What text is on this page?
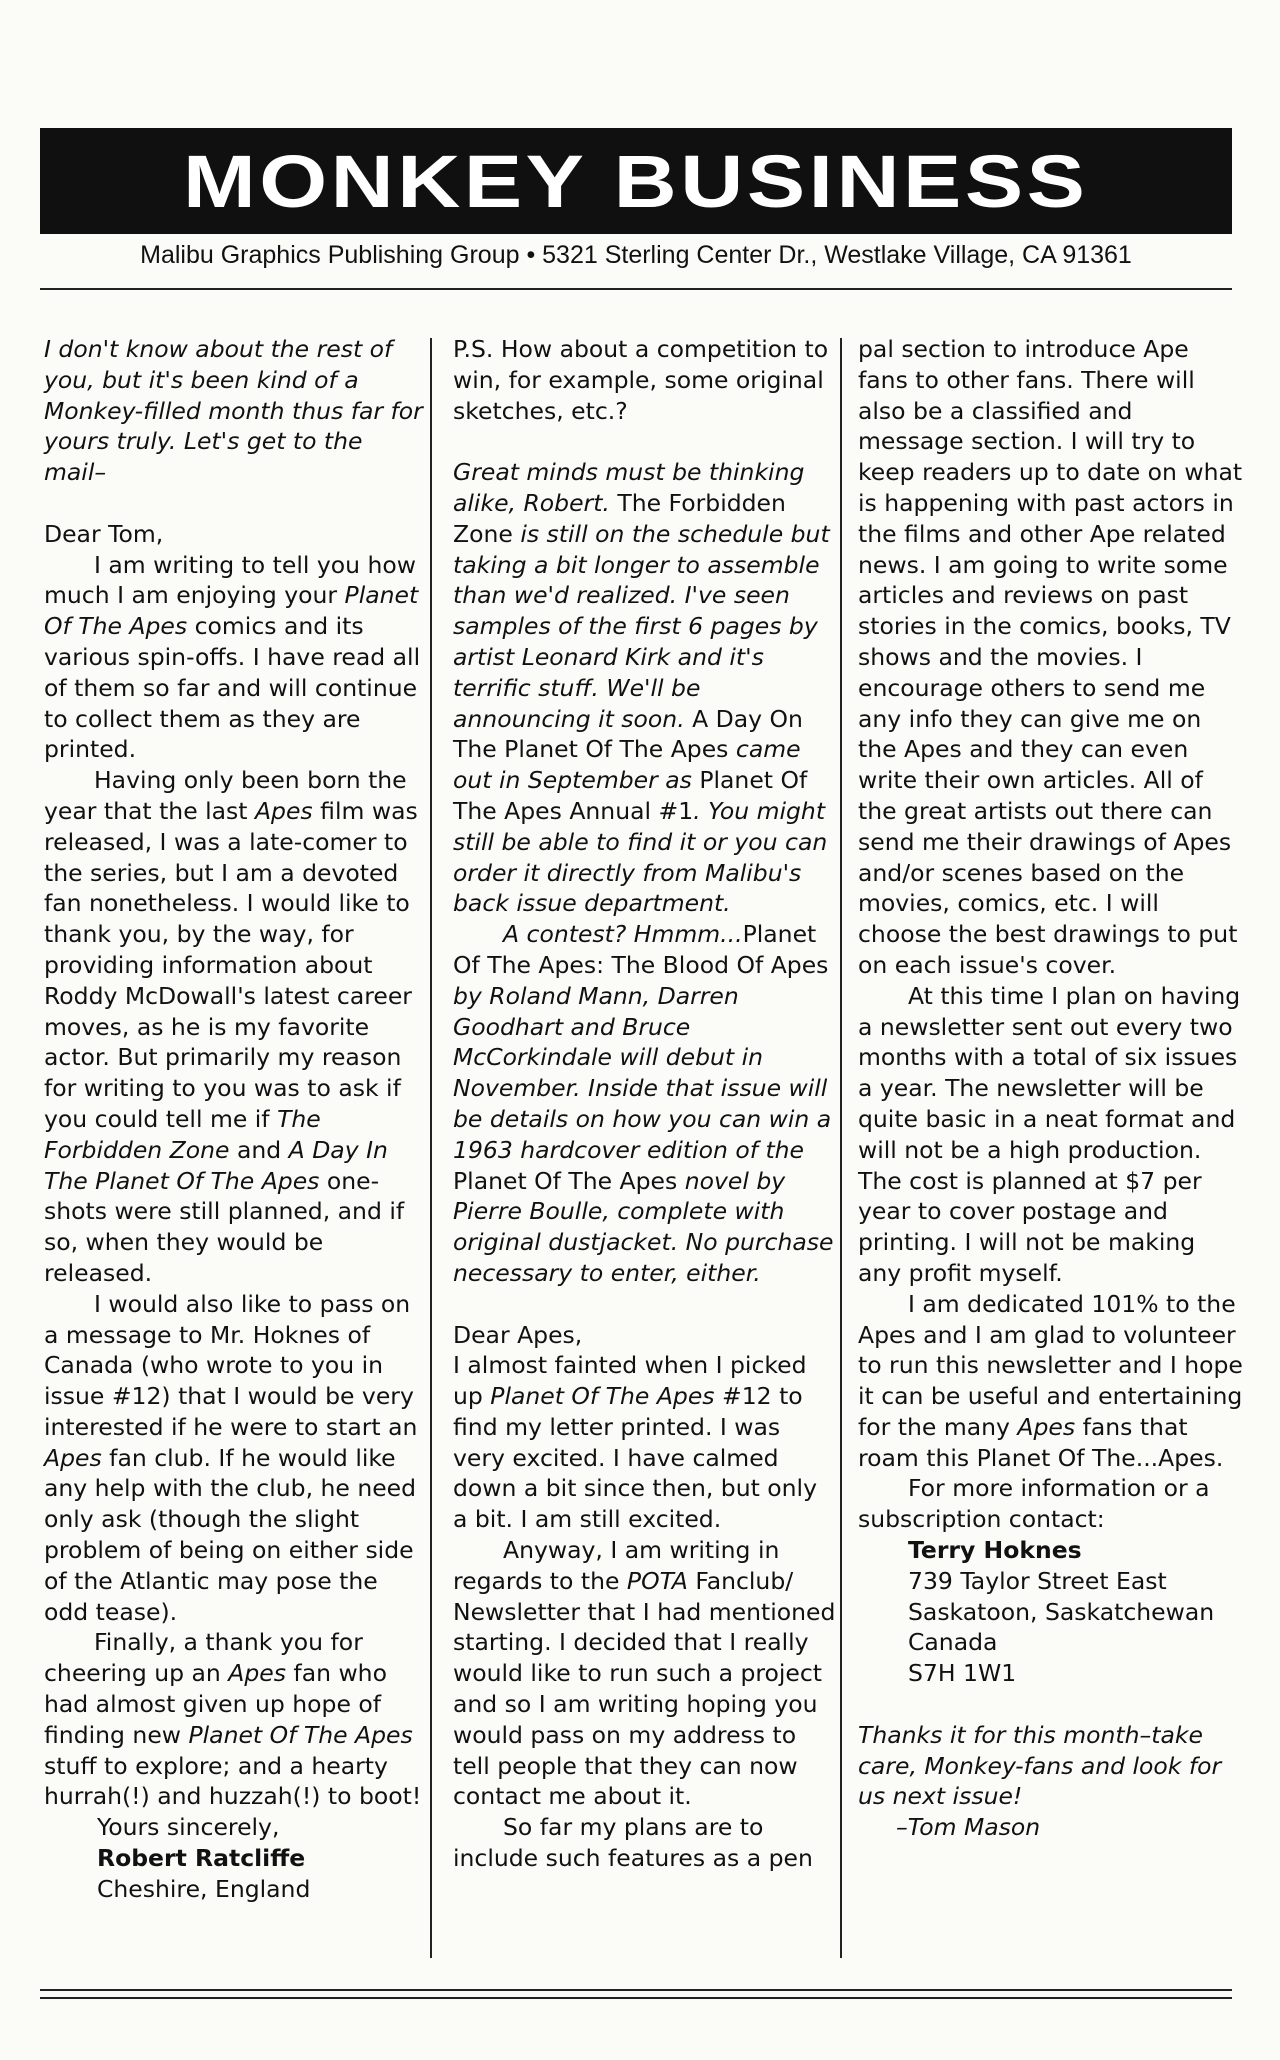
MONKEY BUSINESS
Malibu Graphics Publishing Group • 5321 Sterling Center Dr., Westlake Village, CA 91361

I don't know about the rest of you, but it's been kind of a Monkey-filled month thus far for yours truly. Let's get to the mail–

Dear Tom,

I am writing to tell you how much I am enjoying your Planet Of The Apes comics and its various spin-offs. I have read all of them so far and will continue to collect them as they are printed.

Having only been born the year that the last Apes film was released, I was a late-comer to the series, but I am a devoted fan nonetheless. I would like to thank you, by the way, for providing information about Roddy McDowall's latest career moves, as he is my favorite actor. But primarily my reason for writing to you was to ask if you could tell me if The Forbidden Zone and A Day In The Planet Of The Apes one-shots were still planned, and if so, when they would be released.

I would also like to pass on a message to Mr. Hoknes of Canada (who wrote to you in issue #12) that I would be very interested if he were to start an Apes fan club. If he would like any help with the club, he need only ask (though the slight problem of being on either side of the Atlantic may pose the odd tease).

Finally, a thank you for cheering up an Apes fan who had almost given up hope of finding new Planet Of The Apes stuff to explore; and a hearty hurrah(!) and huzzah(!) to boot!

Yours sincerely,

Robert Ratcliffe

Cheshire, England

P.S. How about a competition to win, for example, some original sketches, etc.?

Great minds must be thinking alike, Robert. The Forbidden Zone is still on the schedule but taking a bit longer to assemble than we'd realized. I've seen samples of the first 6 pages by artist Leonard Kirk and it's terrific stuff. We'll be announcing it soon. A Day On The Planet Of The Apes came out in September as Planet Of The Apes Annual #1. You might still be able to find it or you can order it directly from Malibu's back issue department.

A contest? Hmmm...Planet Of The Apes: The Blood Of Apes by Roland Mann, Darren Goodhart and Bruce McCorkindale will debut in November. Inside that issue will be details on how you can win a 1963 hardcover edition of the Planet Of The Apes novel by Pierre Boulle, complete with original dustjacket. No purchase necessary to enter, either.

Dear Apes,

I almost fainted when I picked up Planet Of The Apes #12 to find my letter printed. I was very excited. I have calmed down a bit since then, but only a bit. I am still excited.

Anyway, I am writing in regards to the POTA Fanclub/ Newsletter that I had mentioned starting. I decided that I really would like to run such a project and so I am writing hoping you would pass on my address to tell people that they can now contact me about it.

So far my plans are to include such features as a pen

pal section to introduce Ape fans to other fans. There will also be a classified and message section. I will try to keep readers up to date on what is happening with past actors in the films and other Ape related news. I am going to write some articles and reviews on past stories in the comics, books, TV shows and the movies. I encourage others to send me any info they can give me on the Apes and they can even write their own articles. All of the great artists out there can send me their drawings of Apes and/or scenes based on the movies, comics, etc. I will choose the best drawings to put on each issue's cover.

At this time I plan on having a newsletter sent out every two months with a total of six issues a year. The newsletter will be quite basic in a neat format and will not be a high production. The cost is planned at $7 per year to cover postage and printing. I will not be making any profit myself.

I am dedicated 101% to the Apes and I am glad to volunteer to run this newsletter and I hope it can be useful and entertaining for the many Apes fans that roam this Planet Of The...Apes.

For more information or a subscription contact:

Terry Hoknes

739 Taylor Street East

Saskatoon, Saskatchewan

Canada

S7H 1W1

Thanks it for this month–take care, Monkey-fans and look for us next issue!

–Tom Mason
